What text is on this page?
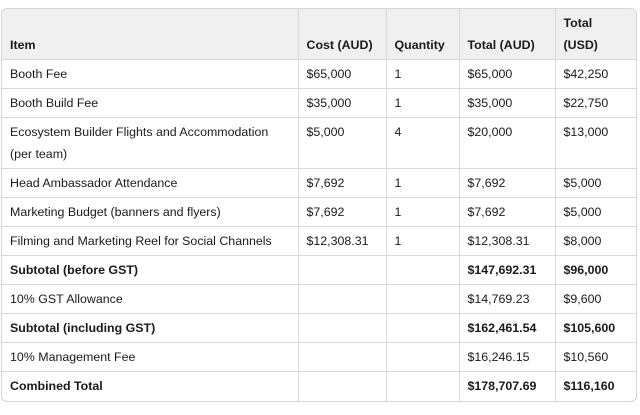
Item	Cost (AUD)	Quantity	Total (AUD)	Total (USD)
Booth Fee	$65,000	1	$65,000	$42,250
Booth Build Fee	$35,000	1	$35,000	$22,750
Ecosystem Builder Flights and Accommodation (per team)	$5,000	4	$20,000	$13,000
Head Ambassador Attendance	$7,692	1	$7,692	$5,000
Marketing Budget (banners and flyers)	$7,692	1	$7,692	$5,000
Filming and Marketing Reel for Social Channels	$12,308.31	1	$12,308.31	$8,000
Subtotal (before GST)			$147,692.31	$96,000
10% GST Allowance			$14,769.23	$9,600
Subtotal (including GST)			$162,461.54	$105,600
10% Management Fee			$16,246.15	$10,560
Combined Total			$178,707.69	$116,160
